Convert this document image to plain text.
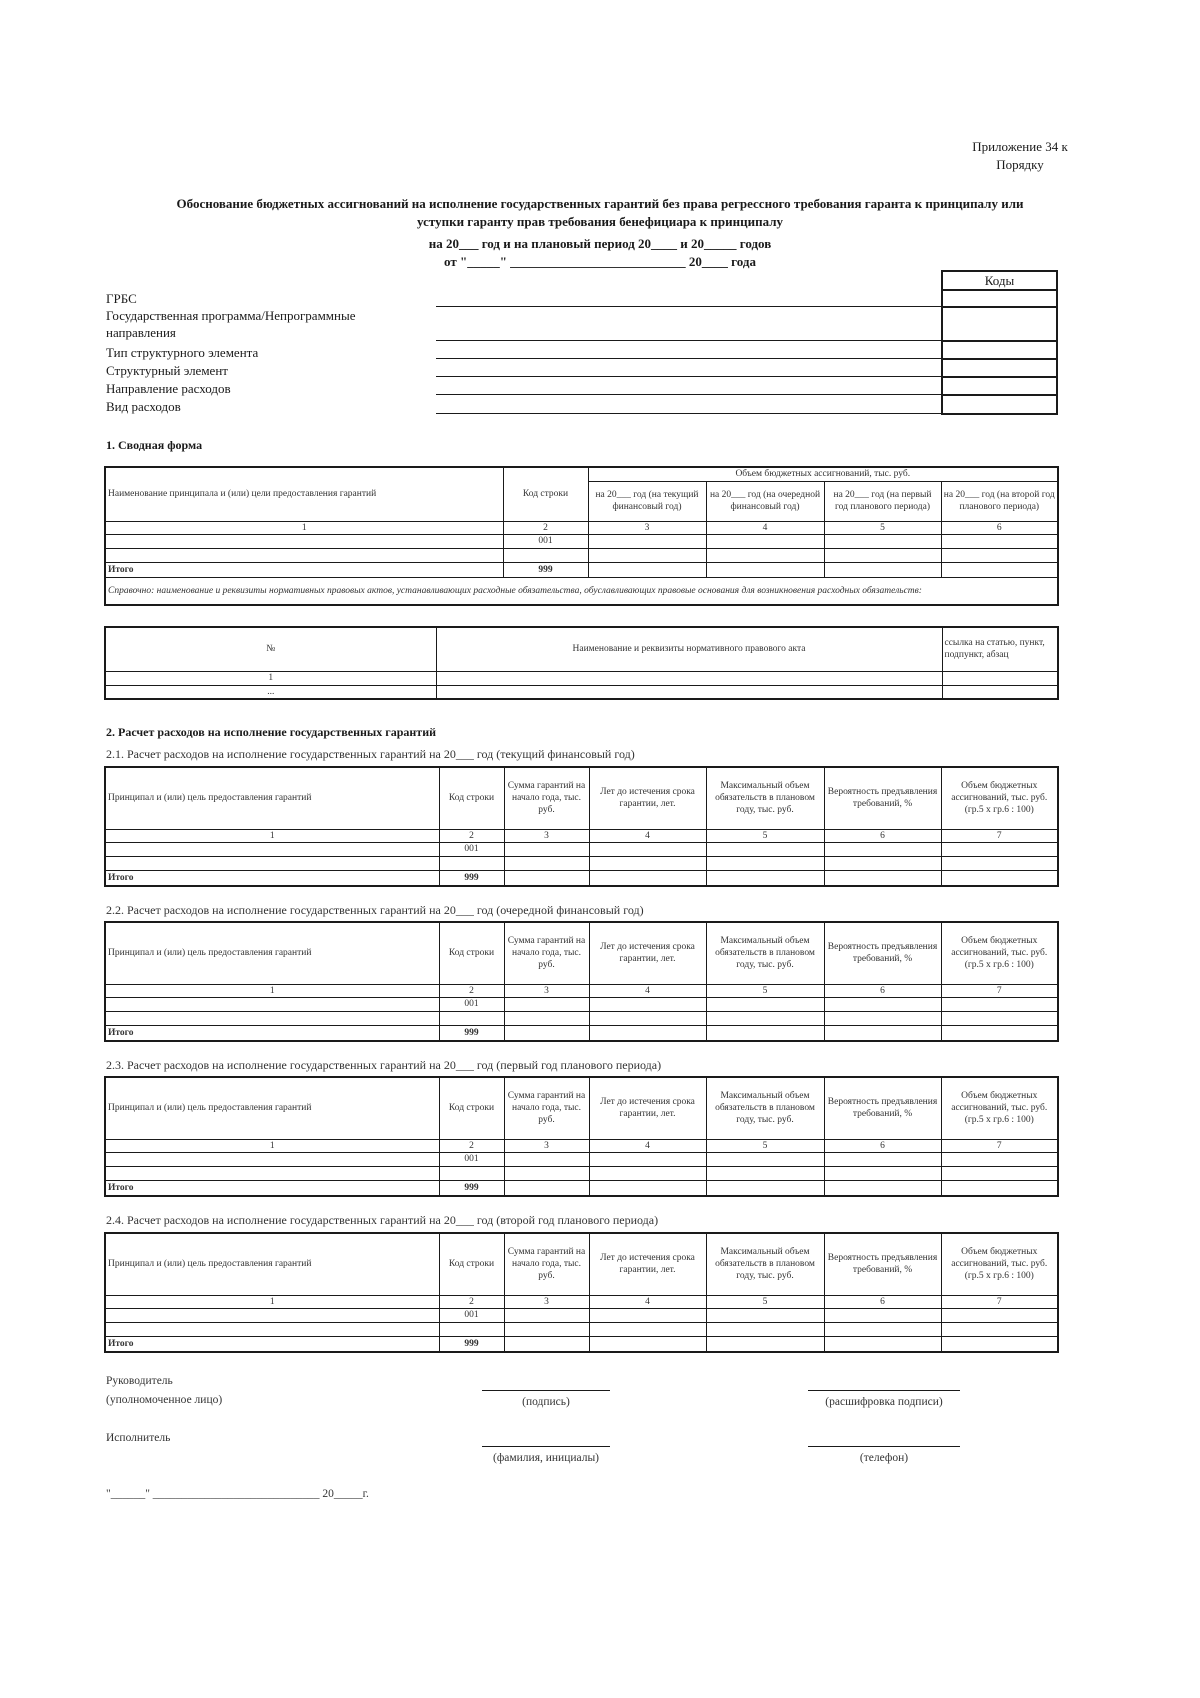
Приложение 34 к
Порядку
Обоснование бюджетных ассигнований на исполнение государственных гарантий без права регрессного требования гаранта к принципалу или
уступки гаранту прав требования бенефициара к принципалу
на 20___ год и на плановый период 20____ и 20_____ годов
от "_____" ___________________________ 20____ года
ГРБС
Государственная программа/Непрограммные
направления
Тип структурного элемента
Структурный элемент
Направление расходов
Вид расходов
Коды

1. Сводная форма
Наименование принципала и (или) цели предоставления гарантий	Код строки	Объем бюджетных ассигнований, тыс. руб.			
		на 20___ год (на текущий финансовый год)	на 20___ год (на очередной финансовый год)	на 20___ год (на первый год планового периода)	на 20___ год (на второй год планового периода)
1	2	3	4	5	6
	001				

Итого	999				
Справочно: наименование и реквизиты нормативных правовых актов, устанавливающих расходные обязательства, обуславливающих правовые основания для возникновения расходных обязательств:					
№	Наименование и реквизиты нормативного правового акта	ссылка на статью, пункт, подпункт, абзац
1		
...		
2. Расчет расходов на исполнение государственных гарантий
2.1. Расчет расходов на исполнение государственных гарантий на 20___ год (текущий финансовый год)
2.2. Расчет расходов на исполнение государственных гарантий на 20___ год (очередной финансовый год)
2.3. Расчет расходов на исполнение государственных гарантий на 20___ год (первый год планового периода)
2.4. Расчет расходов на исполнение государственных гарантий на 20___ год (второй год планового периода)
Принципал и (или) цель предоставления гарантий	Код строки	Сумма гарантий на начало года, тыс. руб.	Лет до истечения срока гарантии, лет.	Максимальный объем обязательств в плановом году, тыс. руб.	Вероятность предъявления требований, %	Объем бюджетных ассигнований, тыс. руб. (гр.5 х гр.6 : 100)
1	2	3	4	5	6	7
	001					

Итого	999					
Принципал и (или) цель предоставления гарантий	Код строки	Сумма гарантий на начало года, тыс. руб.	Лет до истечения срока гарантии, лет.	Максимальный объем обязательств в плановом году, тыс. руб.	Вероятность предъявления требований, %	Объем бюджетных ассигнований, тыс. руб. (гр.5 х гр.6 : 100)
1	2	3	4	5	6	7
	001					

Итого	999					
Принципал и (или) цель предоставления гарантий	Код строки	Сумма гарантий на начало года, тыс. руб.	Лет до истечения срока гарантии, лет.	Максимальный объем обязательств в плановом году, тыс. руб.	Вероятность предъявления требований, %	Объем бюджетных ассигнований, тыс. руб. (гр.5 х гр.6 : 100)
1	2	3	4	5	6	7
	001					

Итого	999					
Принципал и (или) цель предоставления гарантий	Код строки	Сумма гарантий на начало года, тыс. руб.	Лет до истечения срока гарантии, лет.	Максимальный объем обязательств в плановом году, тыс. руб.	Вероятность предъявления требований, %	Объем бюджетных ассигнований, тыс. руб. (гр.5 х гр.6 : 100)
1	2	3	4	5	6	7
	001					

Итого	999					
Руководитель
(уполномоченное лицо)	(подпись)	(расшифровка подписи)
Исполнитель
(фамилия, инициалы)	(телефон)
"______" _____________________________ 20_____г.
